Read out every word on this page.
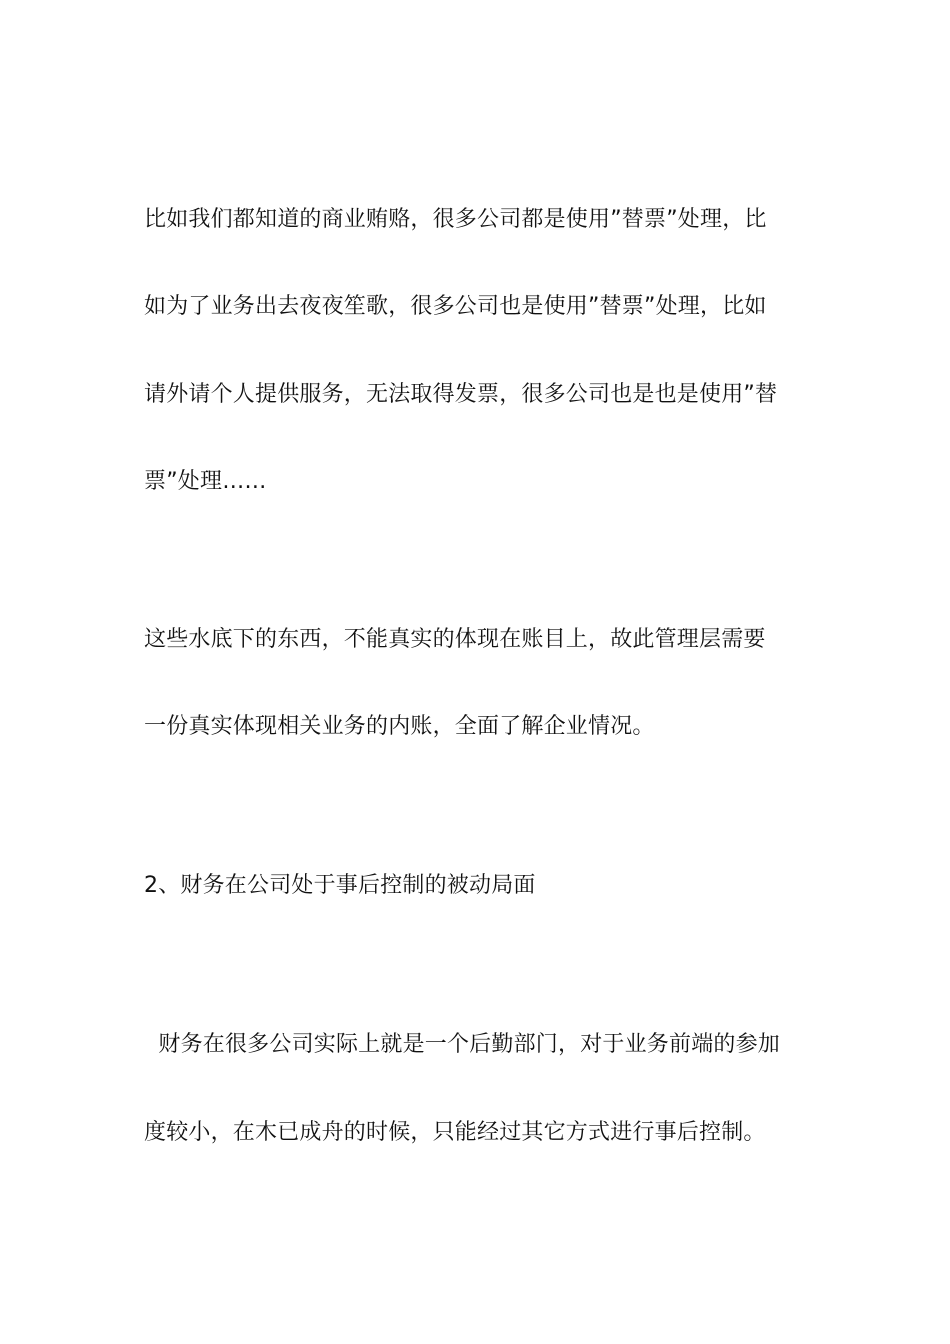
比如我们都知道的商业贿赂，很多公司都是使用”替票”处理，比
如为了业务出去夜夜笙歌，很多公司也是使用”替票”处理，比如
请外请个人提供服务，无法取得发票，很多公司也是也是使用”替
票”处理……
这些水底下的东西，不能真实的体现在账目上，故此管理层需要
一份真实体现相关业务的内账，全面了解企业情况。
2、财务在公司处于事后控制的被动局面
财务在很多公司实际上就是一个后勤部门，对于业务前端的参加
度较小，在木已成舟的时候，只能经过其它方式进行事后控制。
